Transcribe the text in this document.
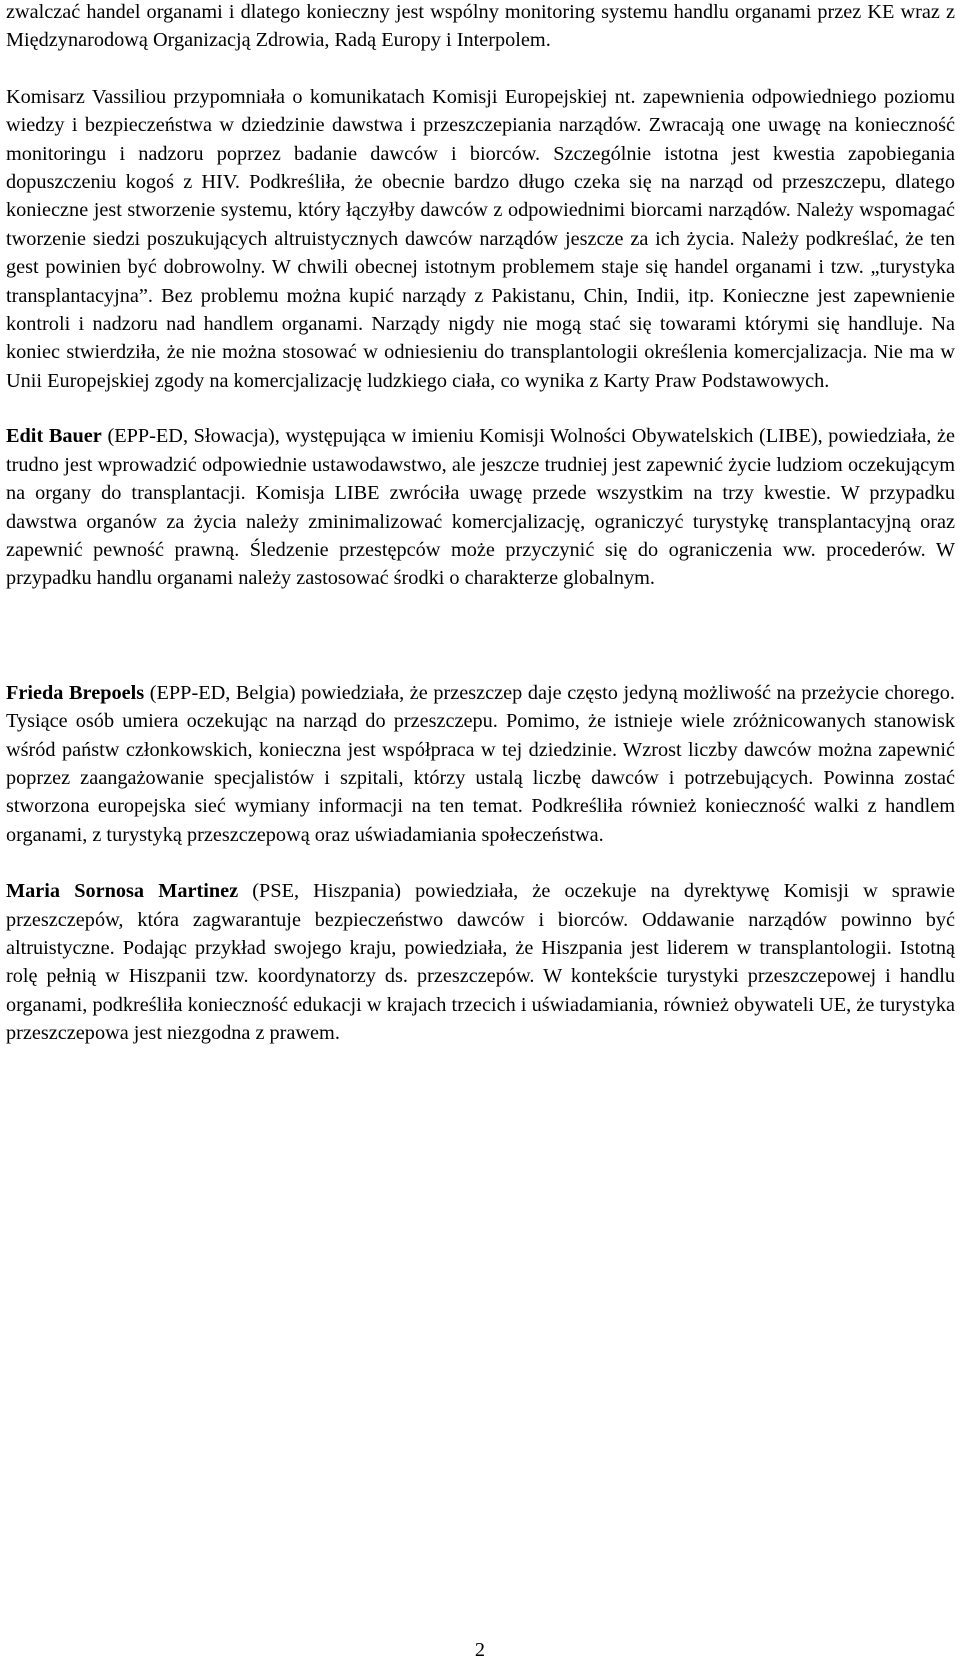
zwalczać handel organami i dlatego konieczny jest wspólny monitoring systemu handlu organami przez KE wraz z Międzynarodową Organizacją Zdrowia, Radą Europy i Interpolem.

Komisarz Vassiliou przypomniała o komunikatach Komisji Europejskiej nt. zapewnienia odpowiedniego poziomu wiedzy i bezpieczeństwa w dziedzinie dawstwa i przeszczepiania narządów. Zwracają one uwagę na konieczność monitoringu i nadzoru poprzez badanie dawców i biorców. Szczególnie istotna jest kwestia zapobiegania dopuszczeniu kogoś z HIV. Podkreśliła, że obecnie bardzo długo czeka się na narząd od przeszczepu, dlatego konieczne jest stworzenie systemu, który łączyłby dawców z odpowiednimi biorcami narządów. Należy wspomagać tworzenie siedzi poszukujących altruistycznych dawców narządów jeszcze za ich życia. Należy podkreślać, że ten gest powinien być dobrowolny. W chwili obecnej istotnym problemem staje się handel organami i tzw. „turystyka transplantacyjna”. Bez problemu można kupić narządy z Pakistanu, Chin, Indii, itp. Konieczne jest zapewnienie kontroli i nadzoru nad handlem organami. Narządy nigdy nie mogą stać się towarami którymi się handluje. Na koniec stwierdziła, że nie można stosować w odniesieniu do transplantologii określenia komercjalizacja. Nie ma w Unii Europejskiej zgody na komercjalizację ludzkiego ciała, co wynika z Karty Praw Podstawowych.

Edit Bauer (EPP-ED, Słowacja), występująca w imieniu Komisji Wolności Obywatelskich (LIBE), powiedziała, że trudno jest wprowadzić odpowiednie ustawodawstwo, ale jeszcze trudniej jest zapewnić życie ludziom oczekującym na organy do transplantacji. Komisja LIBE zwróciła uwagę przede wszystkim na trzy kwestie. W przypadku dawstwa organów za życia należy zminimalizować komercjalizację, ograniczyć turystykę transplantacyjną oraz zapewnić pewność prawną. Śledzenie przestępców może przyczynić się do ograniczenia ww. procederów. W przypadku handlu organami należy zastosować środki o charakterze globalnym.

Frieda Brepoels (EPP-ED, Belgia) powiedziała, że przeszczep daje często jedyną możliwość na przeżycie chorego. Tysiące osób umiera oczekując na narząd do przeszczepu. Pomimo, że istnieje wiele zróżnicowanych stanowisk wśród państw członkowskich, konieczna jest współpraca w tej dziedzinie. Wzrost liczby dawców można zapewnić poprzez zaangażowanie specjalistów i szpitali, którzy ustalą liczbę dawców i potrzebujących. Powinna zostać stworzona europejska sieć wymiany informacji na ten temat. Podkreśliła również konieczność walki z handlem organami, z turystyką przeszczepową oraz uświadamiania społeczeństwa.

Maria Sornosa Martinez (PSE, Hiszpania) powiedziała, że oczekuje na dyrektywę Komisji w sprawie przeszczepów, która zagwarantuje bezpieczeństwo dawców i biorców. Oddawanie narządów powinno być altruistyczne. Podając przykład swojego kraju, powiedziała, że Hiszpania jest liderem w transplantologii. Istotną rolę pełnią w Hiszpanii tzw. koordynatorzy ds. przeszczepów. W kontekście turystyki przeszczepowej i handlu organami, podkreśliła konieczność edukacji w krajach trzecich i uświadamiania, również obywateli UE, że turystyka przeszczepowa jest niezgodna z prawem.

2
